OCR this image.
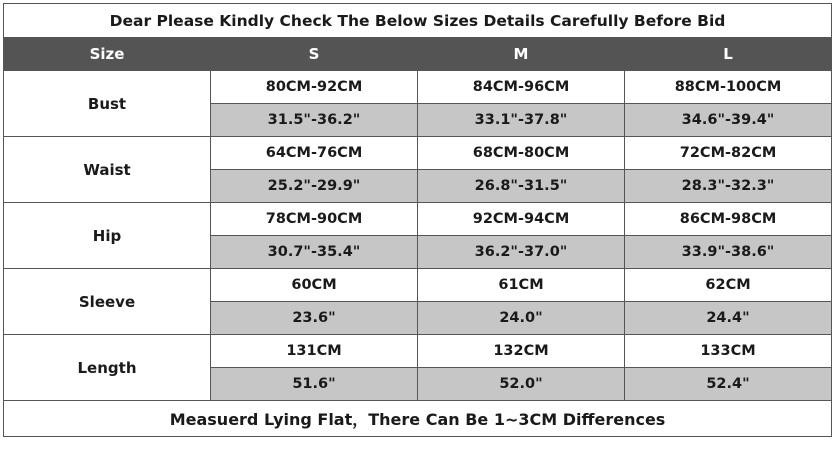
Dear Please Kindly Check The Below Sizes Details Carefully Before Bid			
Size	S	M	L
Bust	80CM-92CM	84CM-96CM	88CM-100CM
	31.5"-36.2"	33.1"-37.8"	34.6"-39.4"
Waist	64CM-76CM	68CM-80CM	72CM-82CM
	25.2"-29.9"	26.8"-31.5"	28.3"-32.3"
Hip	78CM-90CM	92CM-94CM	86CM-98CM
	30.7"-35.4"	36.2"-37.0"	33.9"-38.6"
Sleeve	60CM	61CM	62CM
	23.6"	24.0"	24.4"
Length	131CM	132CM	133CM
	51.6"	52.0"	52.4"
Measuerd Lying Flat，There Can Be 1~3CM Differences			
